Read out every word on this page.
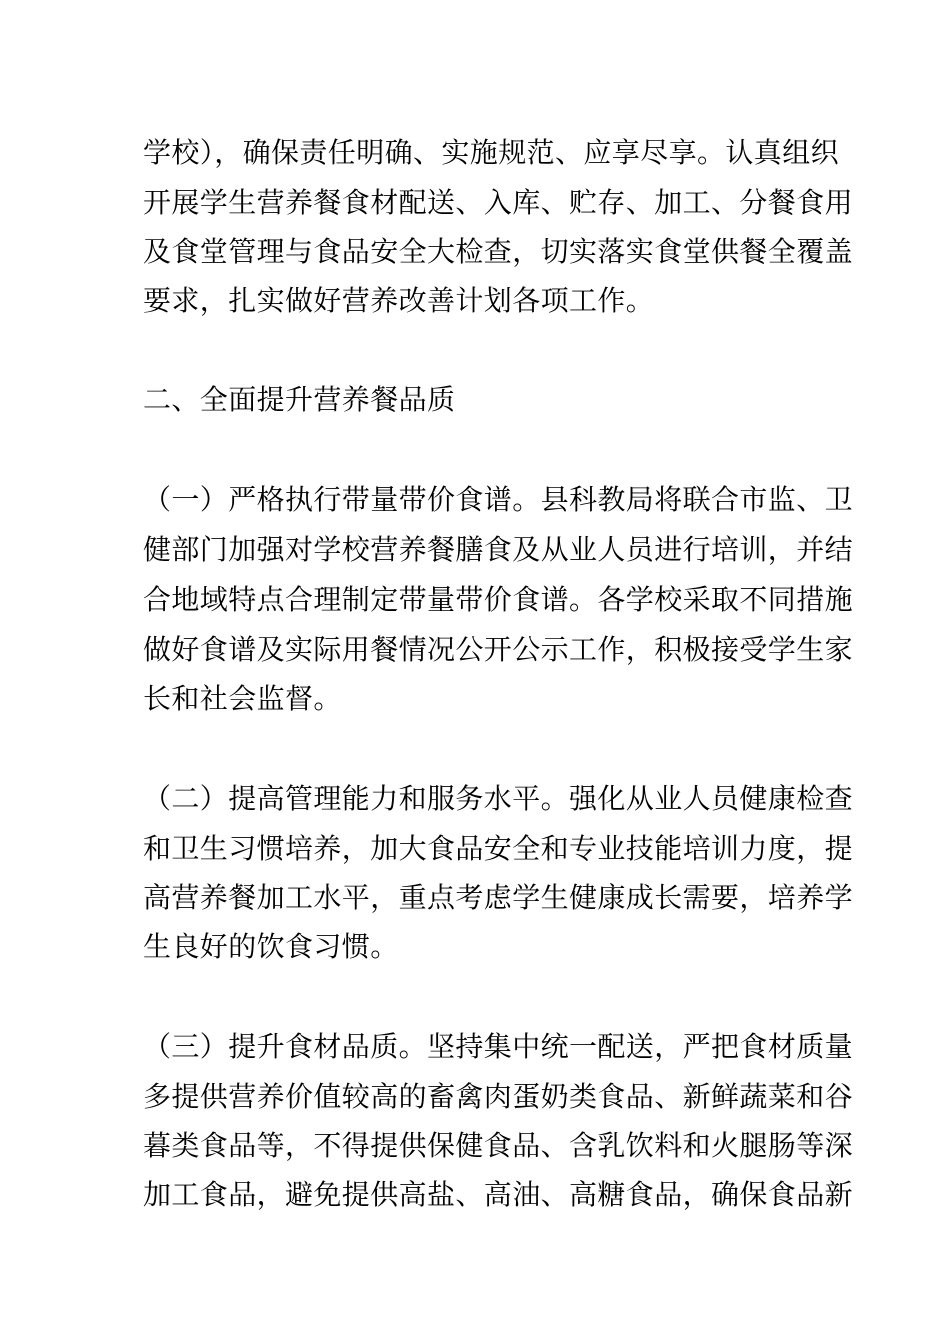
学校），确保责任明确、实施规范、应享尽享。认真组织
开展学生营养餐食材配送、入库、贮存、加工、分餐食用
及食堂管理与食品安全大检查，切实落实食堂供餐全覆盖
要求，扎实做好营养改善计划各项工作。
二、全面提升营养餐品质
（一）严格执行带量带价食谱。县科教局将联合市监、卫
健部门加强对学校营养餐膳食及从业人员进行培训，并结
合地域特点合理制定带量带价食谱。各学校采取不同措施
做好食谱及实际用餐情况公开公示工作，积极接受学生家
长和社会监督。
（二）提高管理能力和服务水平。强化从业人员健康检查
和卫生习惯培养，加大食品安全和专业技能培训力度，提
高营养餐加工水平，重点考虑学生健康成长需要，培养学
生良好的饮食习惯。
（三）提升食材品质。坚持集中统一配送，严把食材质量
多提供营养价值较高的畜禽肉蛋奶类食品、新鲜蔬菜和谷
暮类食品等，不得提供保健食品、含乳饮料和火腿肠等深
加工食品，避免提供高盐、高油、高糖食品，确保食品新
